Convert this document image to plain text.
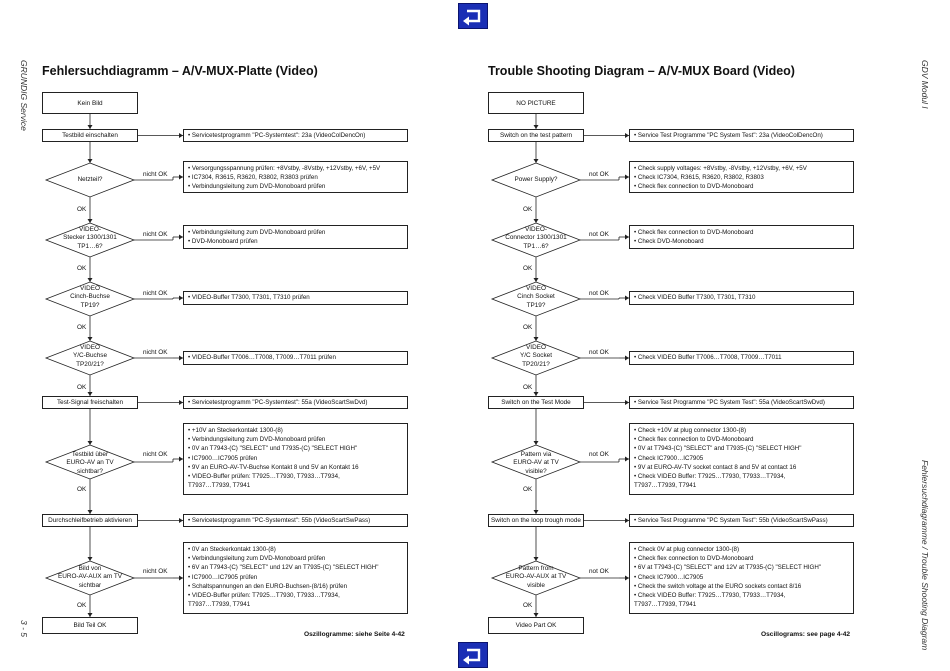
GRUNDIG Service
3 - 5
GDV Modul I
Fehlersuchdiagramme / Trouble Shooting Diagram
Fehlersuchdiagramm – A/V-MUX-Platte (Video)
Kein Bild
Testbild einschalten
Test-Signal freischalten
Durchschleifbetrieb aktivieren
Bild Teil OK
• Servicetestprogramm "PC-Systemtest": 23a (VideoColDencOn)
• Servicetestprogramm "PC-Systemtest": 55a (VideoScartSwDvd)
• Servicetestprogramm "PC-Systemtest": 55b (VideoScartSwPass)
Netzteil?
VIDEO-
Stecker 1300/1301
TP1…6?
VIDEO
Cinch-Buchse
TP19?
VIDEO
Y/C-Buchse
TP20/21?
Testbild über
EURO-AV an TV
sichtbar?
Bild von
EURO-AV-AUX am TV
sichtbar
• Versorgungsspannung prüfen: +8Vstby, -8Vstby, +12Vstby, +6V, +5V
• IC7304, R3615, R3620, R3802, R3803 prüfen
• Verbindungsleitung zum DVD-Monoboard prüfen
• Verbindungsleitung zum DVD-Monoboard prüfen
• DVD-Monoboard prüfen
• VIDEO-Buffer T7300, T7301, T7310 prüfen
• VIDEO-Buffer T7006…T7008, T7009…T7011 prüfen
• +10V an Steckerkontakt 1300-(8)
• Verbindungsleitung zum DVD-Monoboard prüfen
• 0V an T7943-(C) "SELECT" und T7935-(C) "SELECT HIGH"
• IC7900…IC7905 prüfen
• 9V an EURO-AV-TV-Buchse Kontakt 8 und 5V an Kontakt 16
• VIDEO-Buffer prüfen: T7925…T7930, T7933…T7934,
T7937…T7939, T7941
• 0V an Steckerkontakt 1300-(8)
• Verbindungsleitung zum DVD-Monoboard prüfen
• 6V an T7943-(C) "SELECT" und 12V an T7935-(C) "SELECT HIGH"
• IC7900…IC7905 prüfen
• Schaltspannungen an den EURO-Buchsen-(8/16) prüfen
• VIDEO-Buffer prüfen: T7925…T7930, T7933…T7934,
T7937…T7939, T7941
nicht OK
nicht OK
nicht OK
nicht OK
nicht OK
nicht OK
OK
OK
OK
OK
OK
OK
Oszillogramme: siehe Seite 4-42
Trouble Shooting Diagram – A/V-MUX Board (Video)
NO PICTURE
Switch on the test pattern
Switch on the Test Mode
Switch on the loop trough mode
Video Part OK
• Service Test Programme "PC System Test": 23a (VideoColDencOn)
• Service Test Programme "PC System Test": 55a (VideoScartSwDvd)
• Service Test Programme "PC System Test": 55b (VideoScartSwPass)
Power Supply?
VIDEO-
Connector 1300/1301
TP1…6?
VIDEO
Cinch Socket
TP19?
VIDEO
Y/C Socket
TP20/21?
Pattern via
EURO-AV at TV
visible?
Pattern from
EURO-AV-AUX at TV
visible
• Check supply voltages: +8Vstby, -8Vstby, +12Vstby, +6V, +5V
• Check IC7304, R3615, R3620, R3802, R3803
• Check flex connection to DVD-Monoboard
• Check flex connection to DVD-Monoboard
• Check DVD-Monoboard
• Check VIDEO Buffer T7300, T7301, T7310
• Check VIDEO Buffer T7006…T7008, T7009…T7011
• Check +10V at plug connector 1300-(8)
• Check flex connection to DVD-Monoboard
• 0V at T7943-(C) "SELECT" and T7935-(C) "SELECT HIGH"
• Check IC7900…IC7905
• 9V at EURO-AV-TV socket contact 8 and 5V at contact 16
• Check VIDEO Buffer: T7925…T7930, T7933…T7934,
T7937…T7939, T7941
• Check 0V at plug connector 1300-(8)
• Check flex connection to DVD-Monoboard
• 6V at T7943-(C) "SELECT" and 12V at T7935-(C) "SELECT HIGH"
• Check IC7900…IC7905
• Check the switch voltage at the EURO sockets contact 8/16
• Check VIDEO Buffer: T7925…T7930, T7933…T7934,
T7937…T7939, T7941
not OK
not OK
not OK
not OK
not OK
not OK
OK
OK
OK
OK
OK
OK
Oscillograms: see page 4-42
